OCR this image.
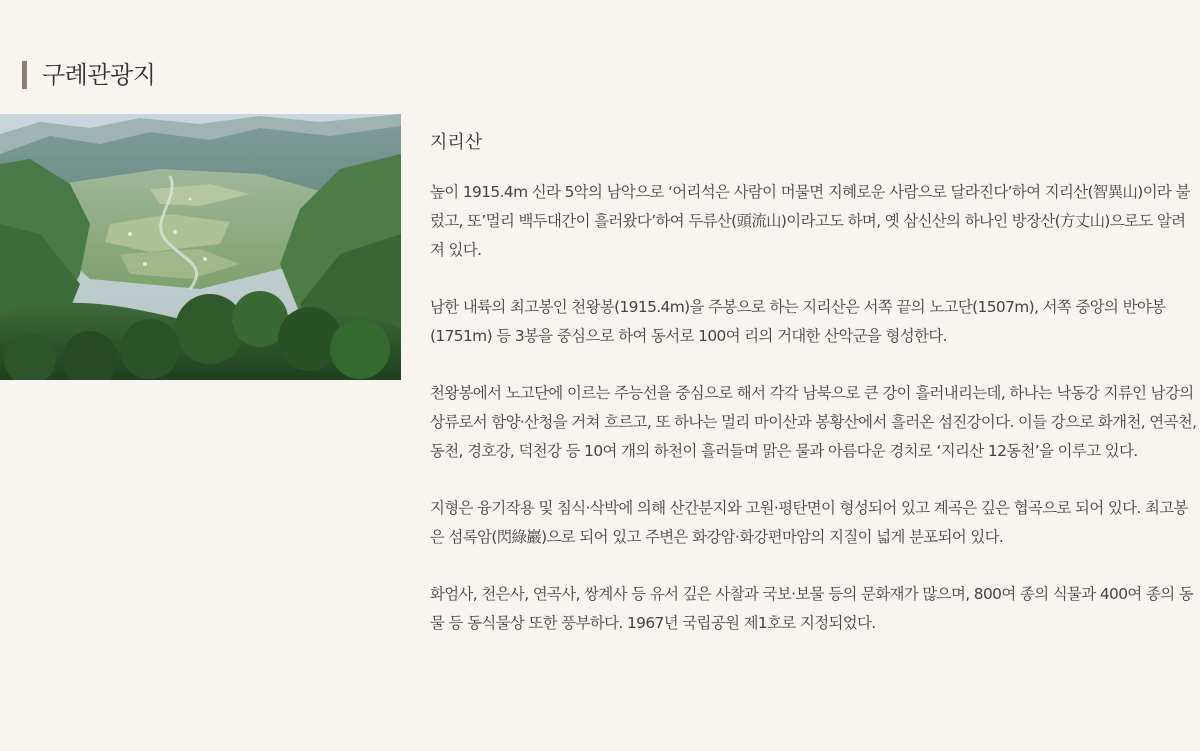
구례관광지
지리산

높이 1915.4m 신라 5악의 남악으로 ‘어리석은 사람이 머물면 지혜로운 사람으로 달라진다’하여 지리산(智異山)이라 불렀고, 또’멀리 백두대간이 흘러왔다’하여 두류산(頭流山)이라고도 하며, 옛 삼신산의 하나인 방장산(方丈山)으로도 알려져 있다.

남한 내륙의 최고봉인 천왕봉(1915.4m)을 주봉으로 하는 지리산은 서쪽 끝의 노고단(1507m), 서쪽 중앙의 반야봉(1751m) 등 3봉을 중심으로 하여 동서로 100여 리의 거대한 산악군을 형성한다.

천왕봉에서 노고단에 이르는 주능선을 중심으로 해서 각각 남북으로 큰 강이 흘러내리는데, 하나는 낙동강 지류인 남강의 상류로서 함양·산청을 거쳐 흐르고, 또 하나는 멀리 마이산과 봉황산에서 흘러온 섬진강이다. 이들 강으로 화개천, 연곡천, 동천, 경호강, 덕천강 등 10여 개의 하천이 흘러들며 맑은 물과 아름다운 경치로 ‘지리산 12동천’을 이루고 있다.

지형은 융기작용 및 침식·삭박에 의해 산간분지와 고원·평탄면이 형성되어 있고 계곡은 깊은 협곡으로 되어 있다. 최고봉은 섬록암(閃綠巖)으로 되어 있고 주변은 화강암·화강편마암의 지질이 넓게 분포되어 있다.

화엄사, 천은사, 연곡사, 쌍계사 등 유서 깊은 사찰과 국보·보물 등의 문화재가 많으며, 800여 종의 식물과 400여 종의 동물 등 동식물상 또한 풍부하다. 1967년 국립공원 제1호로 지정되었다.
